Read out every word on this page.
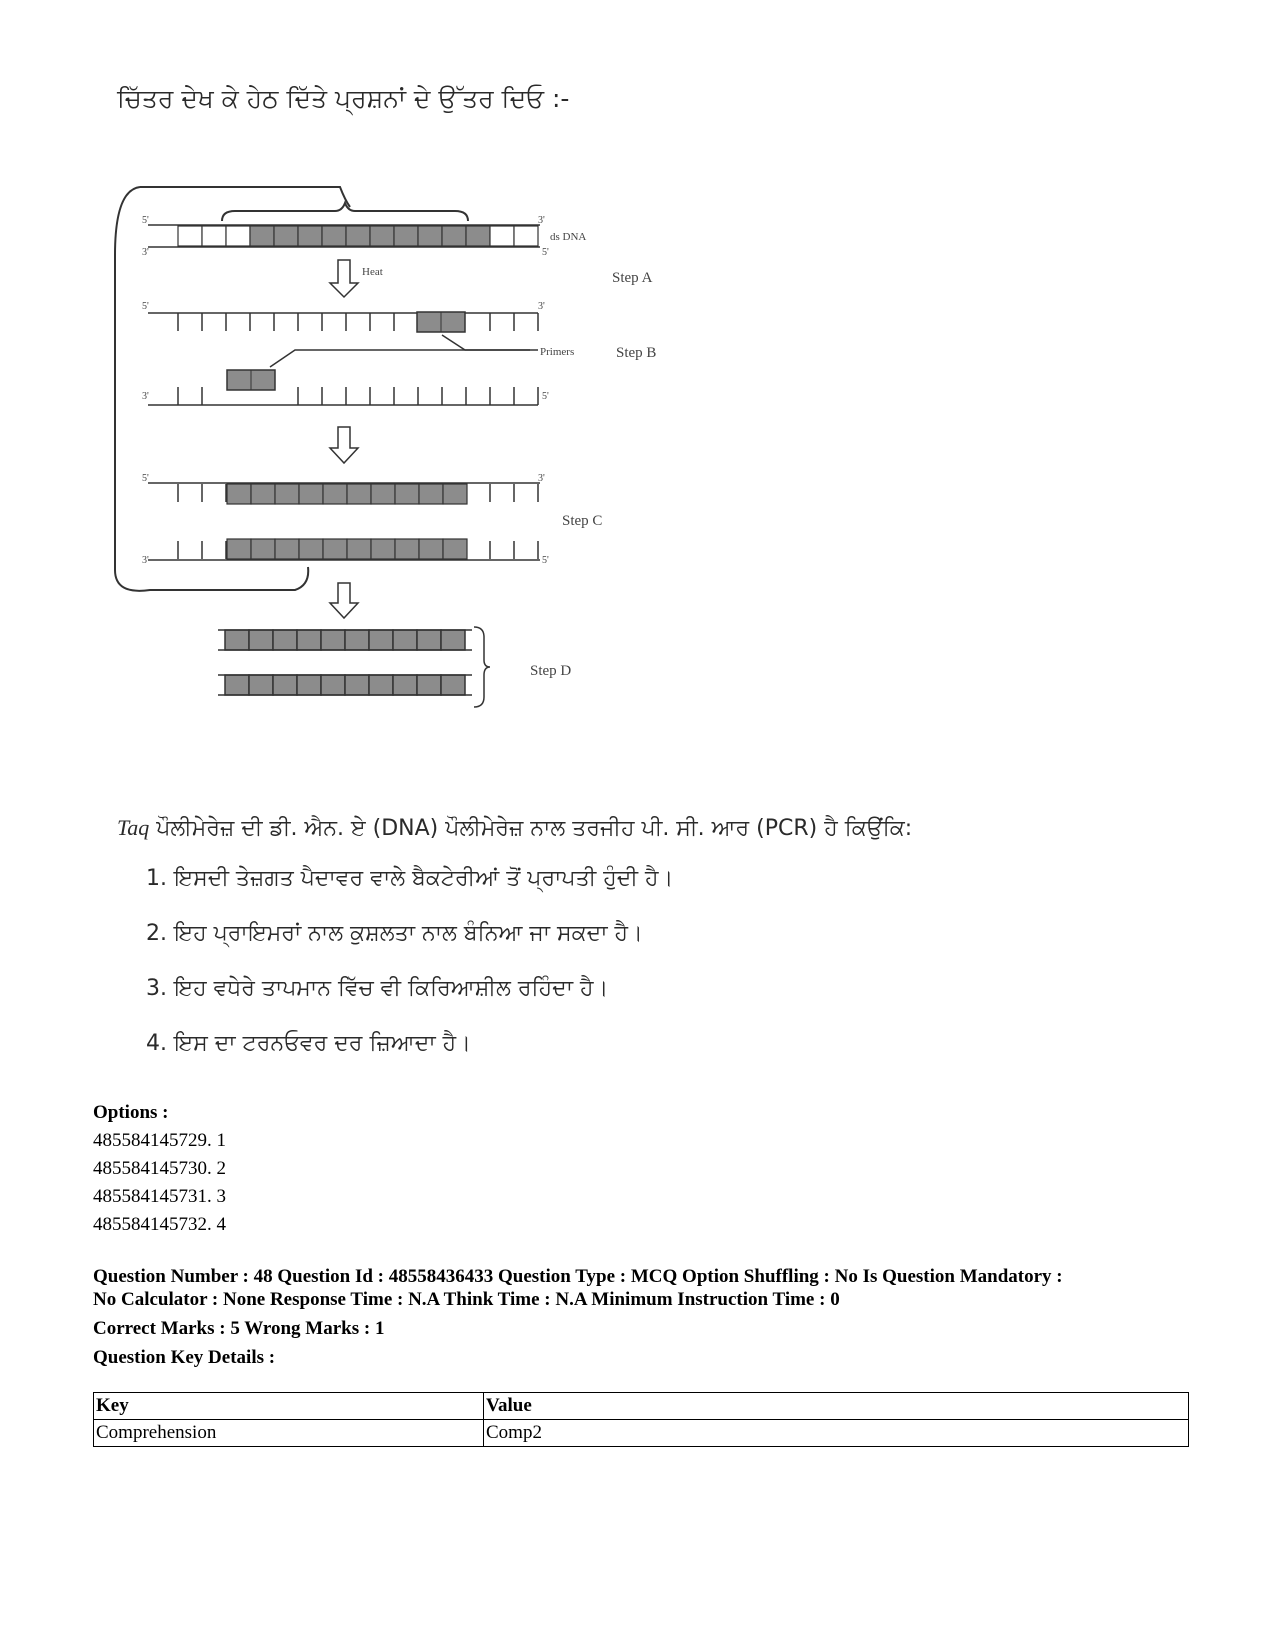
ਚਿੱਤਰ ਦੇਖ ਕੇ ਹੇਠ ਦਿੱਤੇ ਪ੍ਰਸ਼ਨਾਂ ਦੇ ਉੱਤਰ ਦਿਓ :-
5'
3'
3'
5'
ds DNA
Step A
Heat
5'	3'
3'	5'
Primers	Step B
5'	3'
3'	5'
Step C
Step D
Taq ਪੌਲੀਮੇਰੇਜ਼ ਦੀ ਡੀ. ਐਨ. ਏ (DNA) ਪੌਲੀਮੇਰੇਜ਼ ਨਾਲ ਤਰਜੀਹ ਪੀ. ਸੀ. ਆਰ (PCR) ਹੈ ਕਿਉਂਕਿ:
1. ਇਸਦੀ ਤੇਜ਼ਗਤ ਪੈਦਾਵਰ ਵਾਲੇ ਬੈਕਟੇਰੀਆਂ ਤੋਂ ਪ੍ਰਾਪਤੀ ਹੁੰਦੀ ਹੈ।
2. ਇਹ ਪ੍ਰਾਇਮਰਾਂ ਨਾਲ ਕੁਸ਼ਲਤਾ ਨਾਲ ਬੰਨਿਆ ਜਾ ਸਕਦਾ ਹੈ।
3. ਇਹ ਵਧੇਰੇ ਤਾਪਮਾਨ ਵਿੱਚ ਵੀ ਕਿਰਿਆਸ਼ੀਲ ਰਹਿੰਦਾ ਹੈ।
4. ਇਸ ਦਾ ਟਰਨਓਵਰ ਦਰ ਜ਼ਿਆਦਾ ਹੈ।
Options :
485584145729. 1
485584145730. 2
485584145731. 3
485584145732. 4
Question Number : 48 Question Id : 48558436433 Question Type : MCQ Option Shuffling : No Is Question Mandatory :
No Calculator : None Response Time : N.A Think Time : N.A Minimum Instruction Time : 0
Correct Marks : 5 Wrong Marks : 1
Question Key Details :
Key	Value
Comprehension	Comp2
